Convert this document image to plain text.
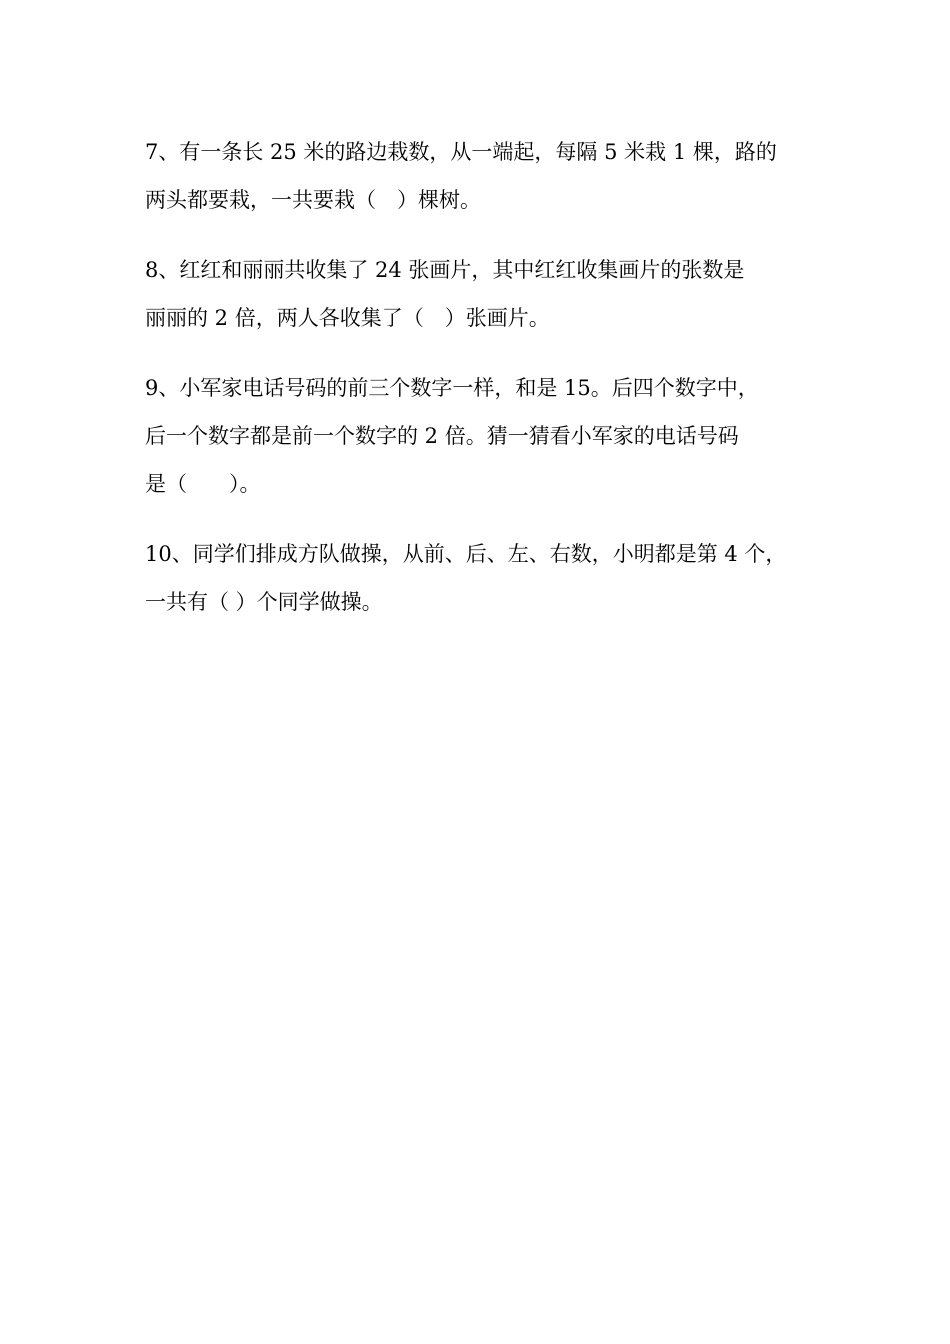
7、有一条长 25 米的路边栽数，从一端起，每隔 5 米栽 1 棵，路的
两头都要栽，一共要栽（　）棵树。
8、红红和丽丽共收集了 24 张画片，其中红红收集画片的张数是
丽丽的 2 倍，两人各收集了（　）张画片。
9、小军家电话号码的前三个数字一样，和是 15。后四个数字中，
后一个数字都是前一个数字的 2 倍。猜一猜看小军家的电话号码
是（　　）。
10、同学们排成方队做操，从前、后、左、右数，小明都是第 4 个，
一共有（ ）个同学做操。
